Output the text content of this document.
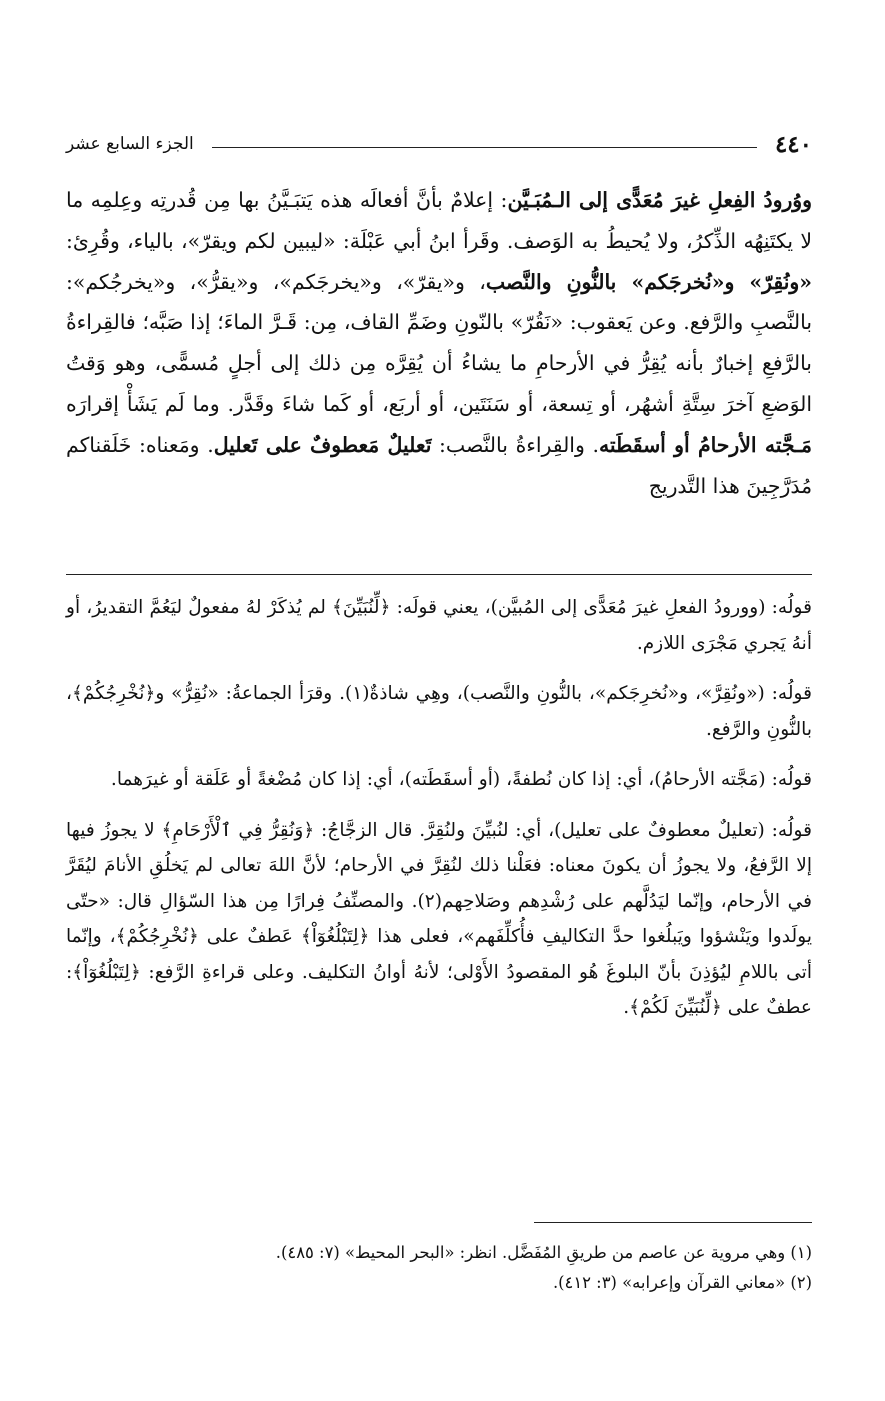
٤٤٠
الجزء السابع عشر

ووُرودُ الفِعلِ غيرَ مُعَدًّى إلى الـمُبَـيَّن: إعلامٌ بأنَّ أفعالَه هذه يَتبَـيَّنُ بها مِن قُدرتِه وعِلمِه ما لا يكتَنِهُه الذِّكرُ، ولا يُحيطُ به الوَصف. وقَرأ ابنُ أبي عَبْلَة: «ليبين لكم ويقرّ»، بالياء، وقُرِئ: «ونُقِرّ» و«نُخرجَكم» بالنُّونِ والنَّصب، و«يقرّ»، و«يخرجَكم»، و«يقرُّ»، و«يخرجُكم»: بالنَّصبِ والرَّفع. وعن يَعقوب: «نَقُرّ» بالنّونِ وضَمِّ القاف، مِن: قَـرَّ الماءَ؛ إذا صَبَّه؛ فالقِراءةُ بالرَّفعِ إخبارٌ بأنه يُقِرُّ في الأرحامِ ما يشاءُ أن يُقِرَّه مِن ذلك إلى أجلٍ مُسمًّى، وهو وَقتُ الوَضعِ آخرَ سِتَّةِ أشهُر، أو تِسعة، أو سَنَتَين، أو أربَع، أو كَما شاءَ وقَدَّر. وما لَم يَشَأْ إقرارَه مَـجَّته الأرحامُ أو أسقَطَته. والقِراءةُ بالنَّصب: تَعليلٌ مَعطوفٌ على تَعليل. ومَعناه: خَلَقناكم مُدَرَّجِينَ هذا التَّدريج

قولُه: (وورودُ الفعلِ غيرَ مُعَدًّى إلى المُبيَّن)، يعني قولَه: ﴿لِّنُبَيِّنَ﴾ لم يُذكَرْ لهُ مفعولٌ ليَعُمَّ التقديرُ، أو أنهُ يَجري مَجْرَى اللازم.

قولُه: («ونُقِرَّ»، و«نُخرِجَكم»، بالنُّونِ والنَّصب)، وهِي شاذةٌ(١). وقرَأ الجماعةُ: «نُقِرُّ» و﴿نُخْرِجُكُمْ﴾، بالنُّونِ والرَّفع.

قولُه: (مَجَّته الأرحامُ)، أي: إذا كان نُطفةً، (أو أسقَطَته)، أي: إذا كان مُضْغةً أو عَلَقة أو غيرَهما.

قولُه: (تعليلٌ معطوفٌ على تعليل)، أي: لنُبيِّنَ ولنُقِرَّ. قال الزجَّاجُ: ﴿وَنُقِرُّ فِي ٱلْأَرْحَامِ﴾ لا يجوزُ فيها إلا الرَّفعُ، ولا يجوزُ أن يكونَ معناه: فعَلْنا ذلك لنُقِرَّ في الأرحام؛ لأنَّ اللهَ تعالى لم يَخلُقِ الأنامَ ليُقَرَّ في الأرحام، وإنّما ليَدُلَّهم على رُشْدِهم وصَلاحِهم(٢). والمصنِّفُ فِرارًا مِن هذا السّؤالِ قال: «حتّى يولَدوا ويَنْشؤوا ويَبلُغوا حدَّ التكاليفِ فأُكلِّفَهم»، فعلى هذا ﴿لِتَبْلُغُوٓاْ﴾ عَطفٌ على ﴿نُخْرِجُكُمْ﴾، وإنّما أتى باللامِ ليُؤذِنَ بأنّ البلوغَ هُو المقصودُ الأَوْلى؛ لأنهُ أوانُ التكليف. وعلى قراءةِ الرَّفع: ﴿لِتَبْلُغُوٓاْ﴾: عطفٌ على ﴿لِّنُبَيِّنَ لَكُمْ﴾.

(١) وهي مروية عن عاصم من طريقِ المُفَضَّل. انظر: «البحر المحيط» (٧: ٤٨٥).

(٢) «معاني القرآن وإعرابه» (٣: ٤١٢).
